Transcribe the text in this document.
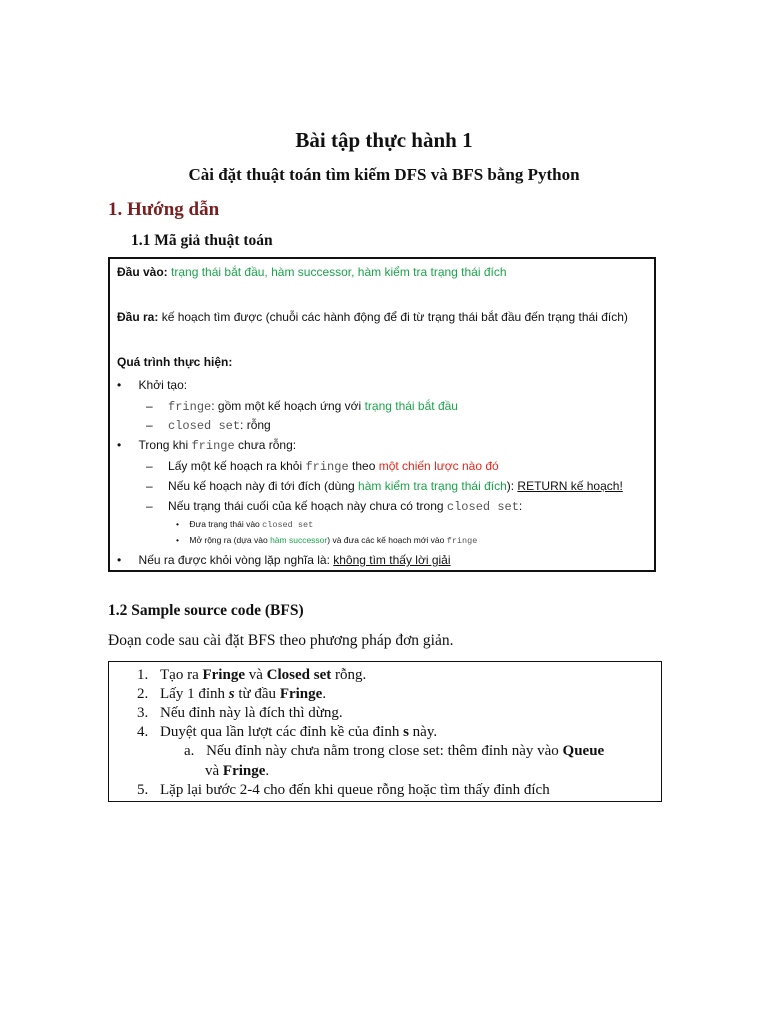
Bài tập thực hành 1
Cài đặt thuật toán tìm kiếm DFS và BFS bằng Python
1. Hướng dẫn
1.1 Mã giả thuật toán
Đầu vào: trạng thái bắt đầu, hàm successor, hàm kiểm tra trạng thái đích
Đầu ra: kế hoạch tìm được (chuỗi các hành động để đi từ trạng thái bắt đầu đến trạng thái đích)
Quá trình thực hiện:
• Khởi tạo:
– fringe: gồm một kế hoạch ứng với trạng thái bắt đầu
– closed set: rỗng
• Trong khi fringe chưa rỗng:
– Lấy một kế hoạch ra khỏi fringe theo một chiến lược nào đó
– Nếu kế hoạch này đi tới đích (dùng hàm kiểm tra trạng thái đích): RETURN kế hoạch!
– Nếu trạng thái cuối của kế hoạch này chưa có trong closed set:
• Đưa trạng thái vào closed set
• Mở rộng ra (dựa vào hàm successor) và đưa các kế hoạch mới vào fringe
• Nếu ra được khỏi vòng lặp nghĩa là: không tìm thấy lời giải
1.2 Sample source code (BFS)
Đoạn code sau cài đặt BFS theo phương pháp đơn giản.
1. Tạo ra Fringe và Closed set rỗng.
2. Lấy 1 đỉnh s từ đầu Fringe.
3. Nếu đỉnh này là đích thì dừng.
4. Duyệt qua lần lượt các đỉnh kề của đỉnh s này.
a. Nếu đỉnh này chưa nằm trong close set: thêm đỉnh này vào Queue
và Fringe.
5. Lặp lại bước 2-4 cho đến khi queue rỗng hoặc tìm thấy đỉnh đích
